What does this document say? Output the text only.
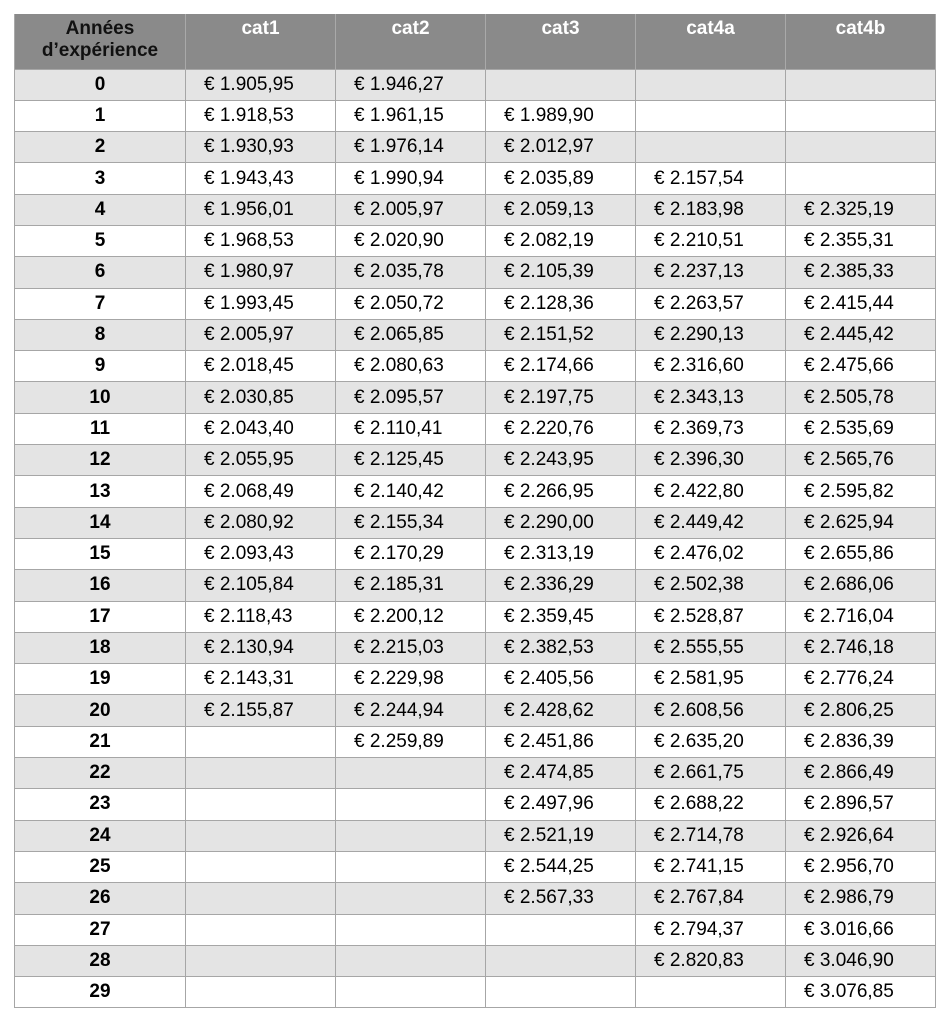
Années
d’expérience	cat1	cat2	cat3	cat4a	cat4b
0	€ 1.905,95	€ 1.946,27			
1	€ 1.918,53	€ 1.961,15	€ 1.989,90		
2	€ 1.930,93	€ 1.976,14	€ 2.012,97		
3	€ 1.943,43	€ 1.990,94	€ 2.035,89	€ 2.157,54	
4	€ 1.956,01	€ 2.005,97	€ 2.059,13	€ 2.183,98	€ 2.325,19
5	€ 1.968,53	€ 2.020,90	€ 2.082,19	€ 2.210,51	€ 2.355,31
6	€ 1.980,97	€ 2.035,78	€ 2.105,39	€ 2.237,13	€ 2.385,33
7	€ 1.993,45	€ 2.050,72	€ 2.128,36	€ 2.263,57	€ 2.415,44
8	€ 2.005,97	€ 2.065,85	€ 2.151,52	€ 2.290,13	€ 2.445,42
9	€ 2.018,45	€ 2.080,63	€ 2.174,66	€ 2.316,60	€ 2.475,66
10	€ 2.030,85	€ 2.095,57	€ 2.197,75	€ 2.343,13	€ 2.505,78
11	€ 2.043,40	€ 2.110,41	€ 2.220,76	€ 2.369,73	€ 2.535,69
12	€ 2.055,95	€ 2.125,45	€ 2.243,95	€ 2.396,30	€ 2.565,76
13	€ 2.068,49	€ 2.140,42	€ 2.266,95	€ 2.422,80	€ 2.595,82
14	€ 2.080,92	€ 2.155,34	€ 2.290,00	€ 2.449,42	€ 2.625,94
15	€ 2.093,43	€ 2.170,29	€ 2.313,19	€ 2.476,02	€ 2.655,86
16	€ 2.105,84	€ 2.185,31	€ 2.336,29	€ 2.502,38	€ 2.686,06
17	€ 2.118,43	€ 2.200,12	€ 2.359,45	€ 2.528,87	€ 2.716,04
18	€ 2.130,94	€ 2.215,03	€ 2.382,53	€ 2.555,55	€ 2.746,18
19	€ 2.143,31	€ 2.229,98	€ 2.405,56	€ 2.581,95	€ 2.776,24
20	€ 2.155,87	€ 2.244,94	€ 2.428,62	€ 2.608,56	€ 2.806,25
21		€ 2.259,89	€ 2.451,86	€ 2.635,20	€ 2.836,39
22			€ 2.474,85	€ 2.661,75	€ 2.866,49
23			€ 2.497,96	€ 2.688,22	€ 2.896,57
24			€ 2.521,19	€ 2.714,78	€ 2.926,64
25			€ 2.544,25	€ 2.741,15	€ 2.956,70
26			€ 2.567,33	€ 2.767,84	€ 2.986,79
27				€ 2.794,37	€ 3.016,66
28				€ 2.820,83	€ 3.046,90
29					€ 3.076,85
